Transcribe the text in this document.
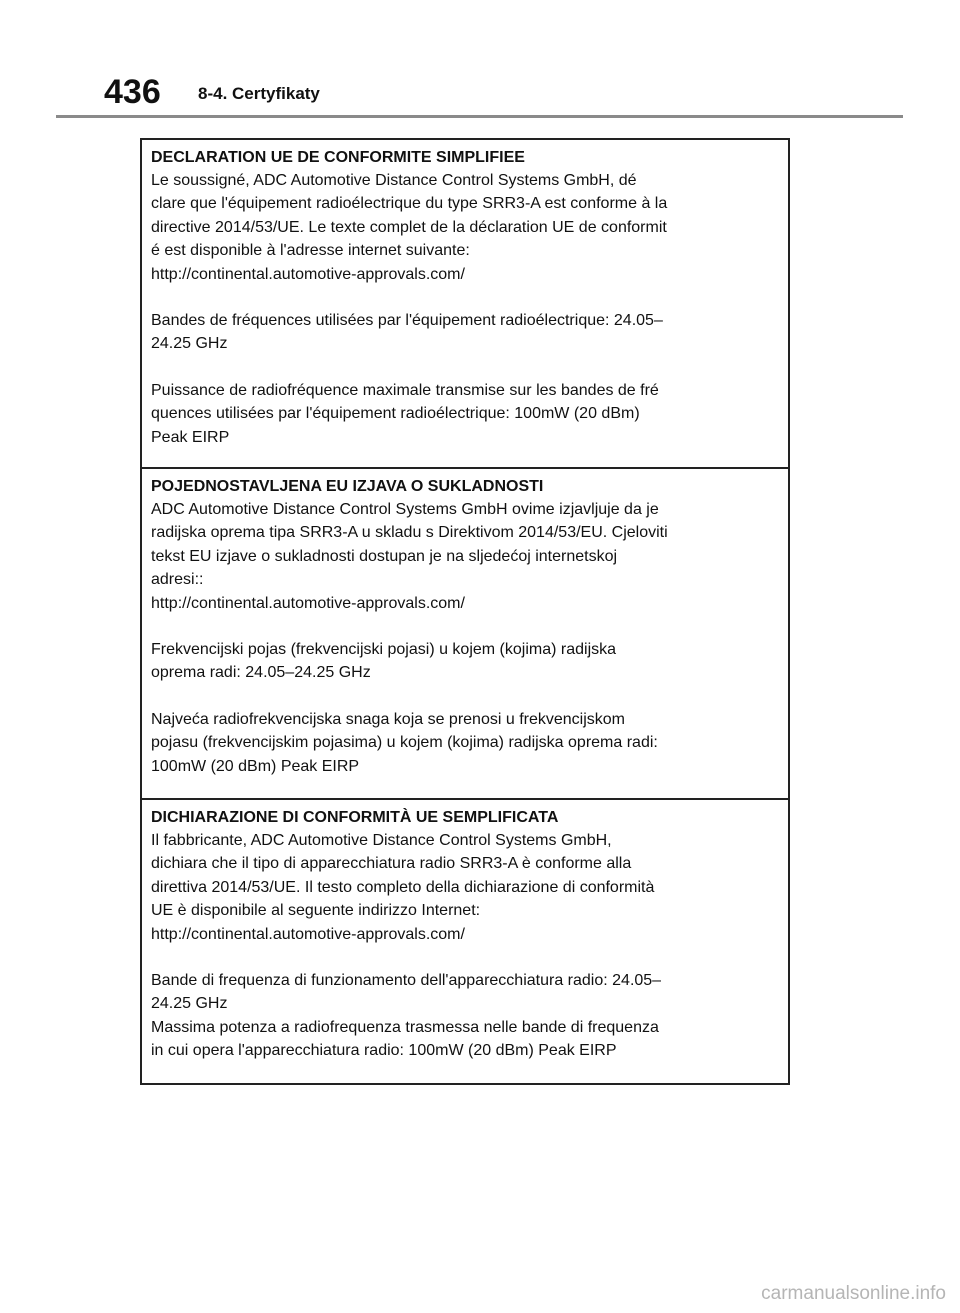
436 8-4. Certyfikaty

DECLARATION UE DE CONFORMITE SIMPLIFIEE

Le soussigné, ADC Automotive Distance Control Systems GmbH, dé
clare que l'équipement radioélectrique du type SRR3-A est conforme à la
directive 2014/53/UE. Le texte complet de la déclaration UE de conformit
é est disponible à l'adresse internet suivante:
http://continental.automotive-approvals.com/

Bandes de fréquences utilisées par l'équipement radioélectrique: 24.05–
24.25 GHz

Puissance de radiofréquence maximale transmise sur les bandes de fré
quences utilisées par l'équipement radioélectrique: 100mW (20 dBm)
Peak EIRP

POJEDNOSTAVLJENA EU IZJAVA O SUKLADNOSTI

ADC Automotive Distance Control Systems GmbH ovime izjavljuje da je
radijska oprema tipa SRR3-A u skladu s Direktivom 2014/53/EU. Cjeloviti
tekst EU izjave o sukladnosti dostupan je na sljedećoj internetskoj
adresi::
http://continental.automotive-approvals.com/

Frekvencijski pojas (frekvencijski pojasi) u kojem (kojima) radijska
oprema radi: 24.05–24.25 GHz

Najveća radiofrekvencijska snaga koja se prenosi u frekvencijskom
pojasu (frekvencijskim pojasima) u kojem (kojima) radijska oprema radi:
100mW (20 dBm) Peak EIRP

DICHIARAZIONE DI CONFORMITÀ UE SEMPLIFICATA

Il fabbricante, ADC Automotive Distance Control Systems GmbH,
dichiara che il tipo di apparecchiatura radio SRR3-A è conforme alla
direttiva 2014/53/UE. Il testo completo della dichiarazione di conformità
UE è disponibile al seguente indirizzo Internet:
http://continental.automotive-approvals.com/

Bande di frequenza di funzionamento dell'apparecchiatura radio: 24.05–
24.25 GHz
Massima potenza a radiofrequenza trasmessa nelle bande di frequenza
in cui opera l'apparecchiatura radio: 100mW (20 dBm) Peak EIRP

carmanualsonline.info
